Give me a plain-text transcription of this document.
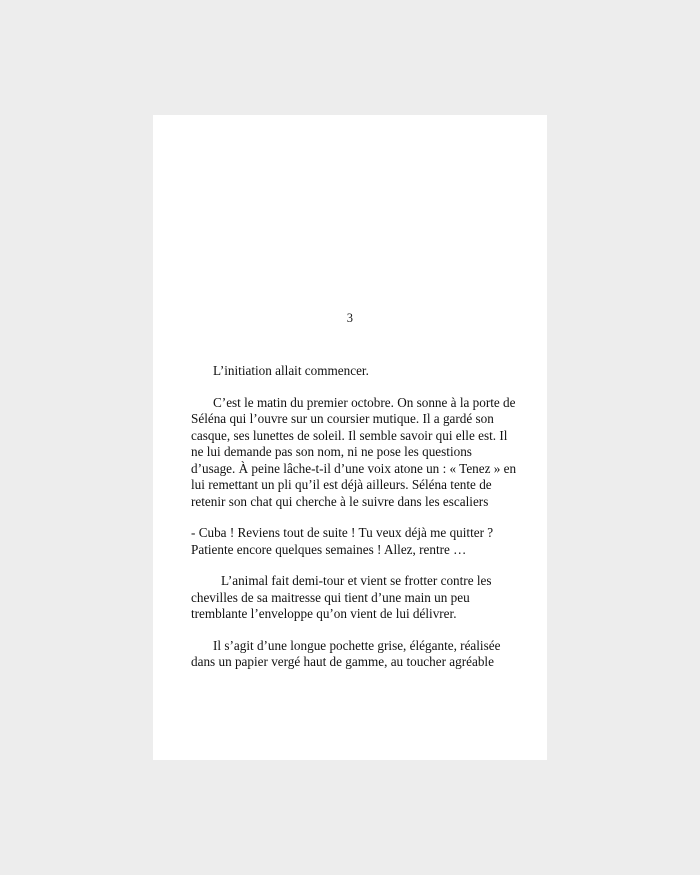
3

L’initiation allait commencer.

C’est le matin du premier octobre. On sonne à la porte de Séléna qui l’ouvre sur un coursier mutique. Il a gardé son casque, ses lunettes de soleil. Il semble savoir qui elle est. Il ne lui demande pas son nom, ni ne pose les questions d’usage. À peine lâche-t-il d’une voix atone un : « Tenez » en lui remettant un pli qu’il est déjà ailleurs. Séléna tente de retenir son chat qui cherche à le suivre dans les escaliers

- Cuba ! Reviens tout de suite ! Tu veux déjà me quitter ? Patiente encore quelques semaines ! Allez, rentre …

L’animal fait demi-tour et vient se frotter contre les chevilles de sa maitresse qui tient d’une main un peu tremblante l’enveloppe qu’on vient de lui délivrer.

Il s’agit d’une longue pochette grise, élégante, réalisée dans un papier vergé haut de gamme, au toucher agréable
